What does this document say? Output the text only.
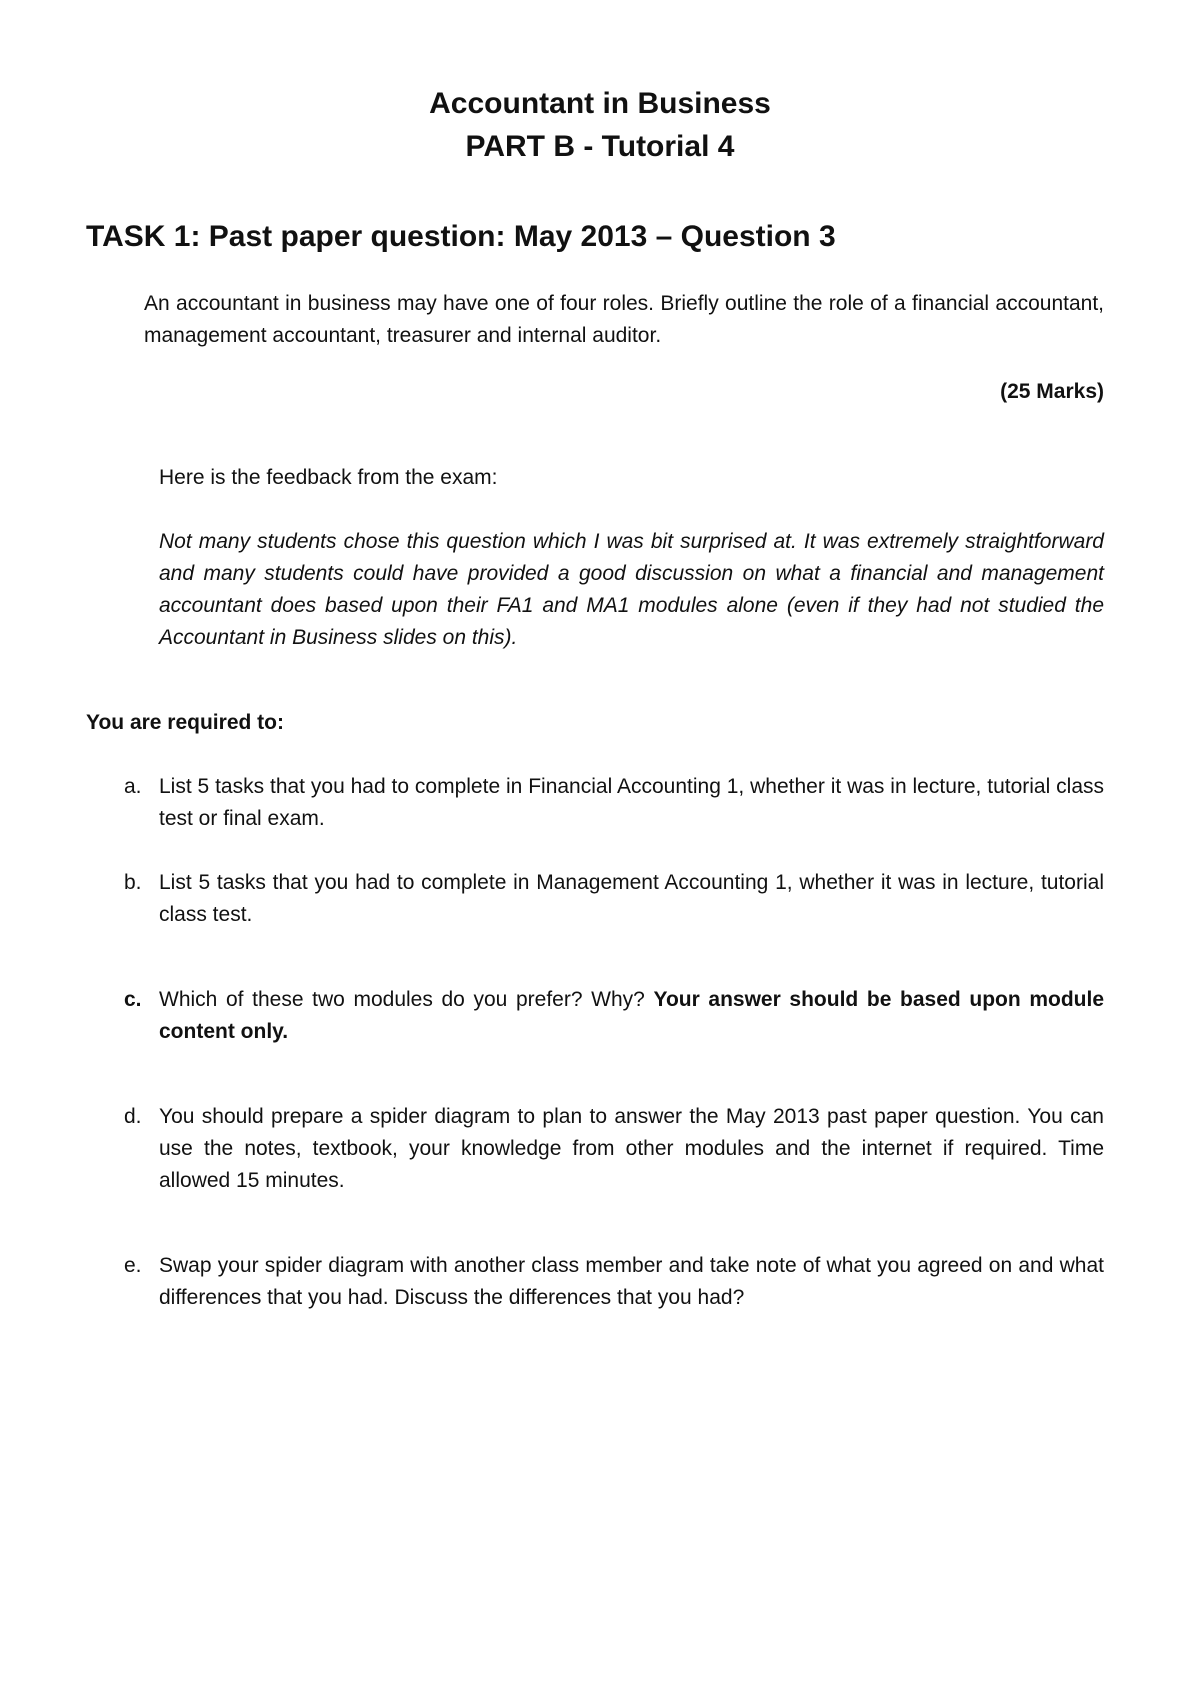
Accountant in Business
PART B - Tutorial 4
TASK 1: Past paper question: May 2013 – Question 3
An accountant in business may have one of four roles. Briefly outline the role of a financial accountant, management accountant, treasurer and internal auditor.
(25 Marks)
Here is the feedback from the exam:
Not many students chose this question which I was bit surprised at. It was extremely straightforward and many students could have provided a good discussion on what a financial and management accountant does based upon their FA1 and MA1 modules alone (even if they had not studied the Accountant in Business slides on this).
You are required to:
a. List 5 tasks that you had to complete in Financial Accounting 1, whether it was in lecture, tutorial class test or final exam.
b. List 5 tasks that you had to complete in Management Accounting 1, whether it was in lecture, tutorial class test.
c. Which of these two modules do you prefer? Why? Your answer should be based upon module content only.
d. You should prepare a spider diagram to plan to answer the May 2013 past paper question. You can use the notes, textbook, your knowledge from other modules and the internet if required. Time allowed 15 minutes.
e. Swap your spider diagram with another class member and take note of what you agreed on and what differences that you had. Discuss the differences that you had?
